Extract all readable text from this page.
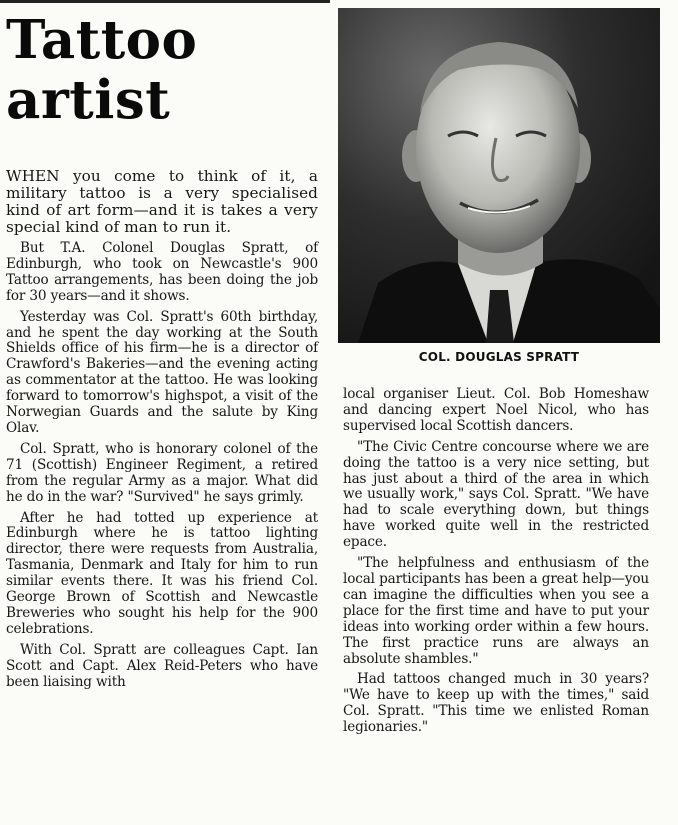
Tattoo artist

WHEN you come to think of it, a military tattoo is a very specialised kind of art form—and it is takes a very special kind of man to run it.

But T.A. Colonel Douglas Spratt, of Edinburgh, who took on Newcastle's 900 Tattoo arrangements, has been doing the job for 30 years—and it shows.

Yesterday was Col. Spratt's 60th birthday, and he spent the day working at the South Shields office of his firm—he is a director of Crawford's Bakeries—and the evening acting as commentator at the tattoo. He was looking forward to tomorrow's highspot, a visit of the Norwegian Guards and the salute by King Olav.

Col. Spratt, who is honorary colonel of the 71 (Scottish) Engineer Regiment, a retired from the regular Army as a major. What did he do in the war? "Survived" he says grimly.

After he had totted up experience at Edinburgh where he is tattoo lighting director, there were requests from Australia, Tasmania, Denmark and Italy for him to run similar events there. It was his friend Col. George Brown of Scottish and Newcastle Breweries who sought his help for the 900 celebrations.

With Col. Spratt are colleagues Capt. Ian Scott and Capt. Alex Reid-Peters who have been liaising with

COL. DOUGLAS SPRATT

local organiser Lieut. Col. Bob Homeshaw and dancing expert Noel Nicol, who has supervised local Scottish dancers.

"The Civic Centre concourse where we are doing the tattoo is a very nice setting, but has just about a third of the area in which we usually work," says Col. Spratt. "We have had to scale everything down, but things have worked quite well in the restricted epace.

"The helpfulness and enthusiasm of the local participants has been a great help—you can imagine the difficulties when you see a place for the first time and have to put your ideas into working order within a few hours. The first practice runs are always an absolute shambles."

Had tattoos changed much in 30 years? "We have to keep up with the times," said Col. Spratt. "This time we enlisted Roman legionaries."
